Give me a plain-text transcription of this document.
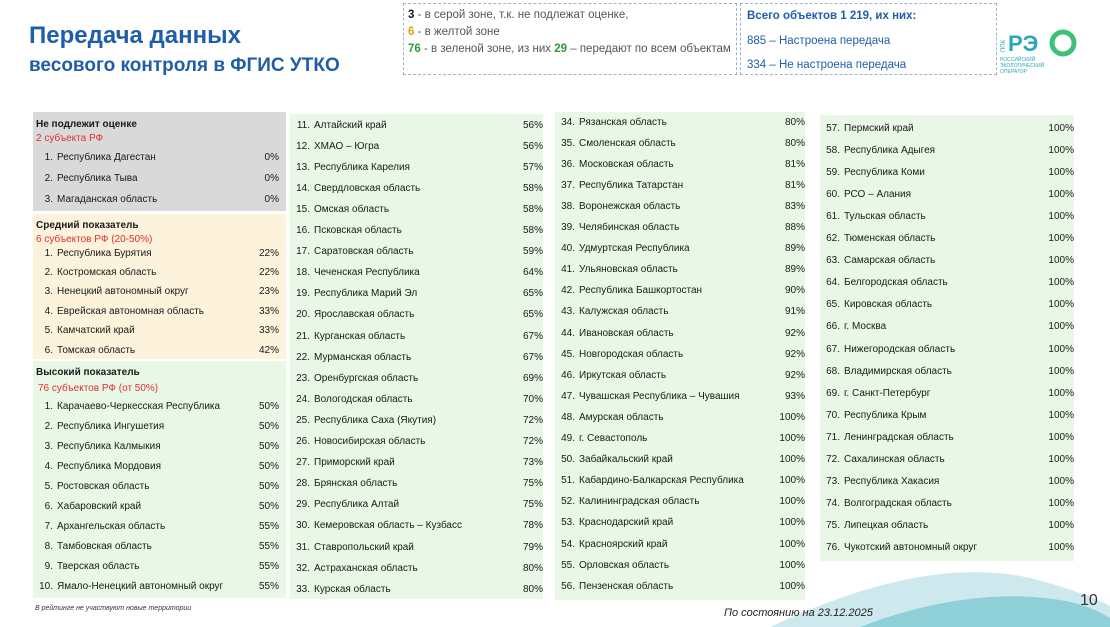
Передача данных
весового контроля в ФГИС УТКО
3 - в серой зоне, т.к. не подлежат оценке,
6 - в желтой зоне
76 - в зеленой зоне, из них 29 – передают по всем объектам
Всего объектов 1 219, их них:
885 – Настроена передача
334 – Не настроена передача
ППК РЭ
РОССИЙСКИЙ
ЭКОЛОГИЧЕСКИЙ
ОПЕРАТОР
Не подлежит оценке
2 субъекта РФ
Средний показатель
6 субъектов РФ (20-50%)
Высокий показатель
76 субъектов РФ (от 50%)
1. Республика Дагестан	0%
2. Республика Тыва	0%
3. Магаданская область	0%
1. Республика Бурятия	22%
2. Костромская область	22%
3. Ненецкий автономный округ	23%
4. Еврейская автономная область	33%
5. Камчатский край	33%
6. Томская область	42%
1. Карачаево-Черкесская Республика	50%
2. Республика Ингушетия	50%
3. Республика Калмыкия	50%
4. Республика Мордовия	50%
5. Ростовская область	50%
6. Хабаровский край	50%
7. Архангельская область	55%
8. Тамбовская область	55%
9. Тверская область	55%
10. Ямало-Ненецкий автономный округ	55%
11. Алтайский край	56%
12. ХМАО – Югра	56%
13. Республика Карелия	57%
14. Свердловская область	58%
15. Омская область	58%
16. Псковская область	58%
17. Саратовская область	59%
18. Чеченская Республика	64%
19. Республика Марий Эл	65%
20. Ярославская область	65%
21. Курганская область	67%
22. Мурманская область	67%
23. Оренбургская область	69%
24. Вологодская область	70%
25. Республика Саха (Якутия)	72%
26. Новосибирская область	72%
27. Приморский край	73%
28. Брянская область	75%
29. Республика Алтай	75%
30. Кемеровская область – Кузбасс	78%
31. Ставропольский край	79%
32. Астраханская область	80%
33. Курская область	80%
34. Рязанская область	80%
35. Смоленская область	80%
36. Московская область	81%
37. Республика Татарстан	81%
38. Воронежская область	83%
39. Челябинская область	88%
40. Удмуртская Республика	89%
41. Ульяновская область	89%
42. Республика Башкортостан	90%
43. Калужская область	91%
44. Ивановская область	92%
45. Новгородская область	92%
46. Иркутская область	92%
47. Чувашская Республика – Чувашия	93%
48. Амурская область	100%
49. г. Севастополь	100%
50. Забайкальский край	100%
51. Кабардино-Балкарская Республика	100%
52. Калининградская область	100%
53. Краснодарский край	100%
54. Красноярский край	100%
55. Орловская область	100%
56. Пензенская область	100%
57. Пермский край	100%
58. Республика Адыгея	100%
59. Республика Коми	100%
60. РСО – Алания	100%
61. Тульская область	100%
62. Тюменская область	100%
63. Самарская область	100%
64. Белгородская область	100%
65. Кировская область	100%
66. г. Москва	100%
67. Нижегородская область	100%
68. Владимирская область	100%
69. г. Санкт-Петербург	100%
70. Республика Крым	100%
71. Ленинградская область	100%
72. Сахалинская область	100%
73. Республика Хакасия	100%
74. Волгоградская область	100%
75. Липецкая область	100%
76. Чукотский автономный округ	100%
В рейтинге не участвуют новые территории	По состоянию на 23.12.2025
10
